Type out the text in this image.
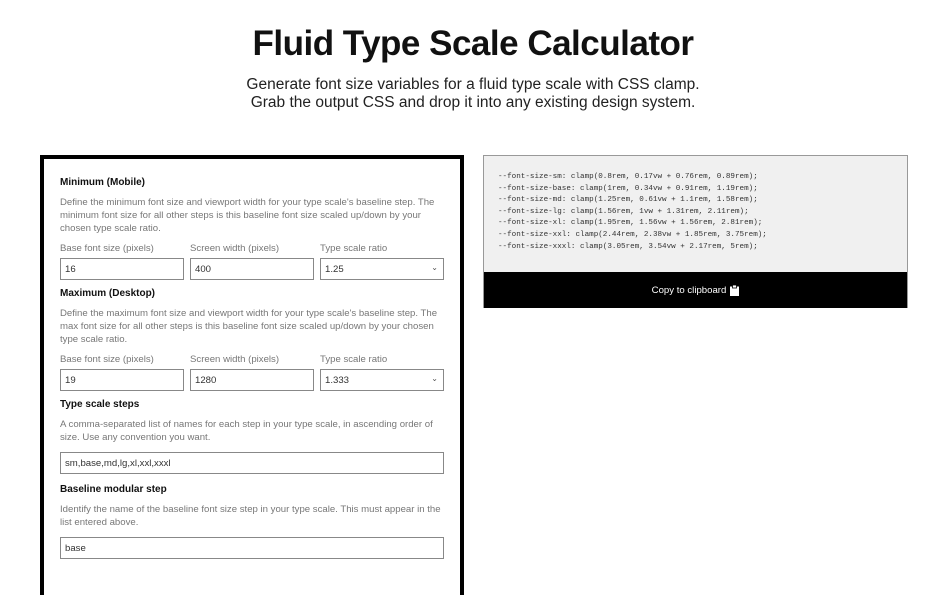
Fluid Type Scale Calculator
Generate font size variables for a fluid type scale with CSS clamp.
Grab the output CSS and drop it into any existing design system.
Minimum (Mobile)

Define the minimum font size and viewport width for your type scale's baseline step. The minimum font size for all other steps is this baseline font size scaled up/down by your chosen type scale ratio.

Base font size (pixels)
16
Screen width (pixels)
400
Type scale ratio
1.25	⌄
Maximum (Desktop)

Define the maximum font size and viewport width for your type scale's baseline step. The max font size for all other steps is this baseline font size scaled up/down by your chosen type scale ratio.

Base font size (pixels)
19
Screen width (pixels)
1280
Type scale ratio
1.333	⌄
Type scale steps

A comma-separated list of names for each step in your type scale, in ascending order of size. Use any convention you want.

sm,base,md,lg,xl,xxl,xxxl
Baseline modular step

Identify the name of the baseline font size step in your type scale. This must appear in the list entered above.

base
--font-size-sm: clamp(0.8rem, 0.17vw + 0.76rem, 0.89rem);
--font-size-base: clamp(1rem, 0.34vw + 0.91rem, 1.19rem);
--font-size-md: clamp(1.25rem, 0.61vw + 1.1rem, 1.58rem);
--font-size-lg: clamp(1.56rem, 1vw + 1.31rem, 2.11rem);
--font-size-xl: clamp(1.95rem, 1.56vw + 1.56rem, 2.81rem);
--font-size-xxl: clamp(2.44rem, 2.38vw + 1.85rem, 3.75rem);
--font-size-xxxl: clamp(3.05rem, 3.54vw + 2.17rem, 5rem);
Copy to clipboard
